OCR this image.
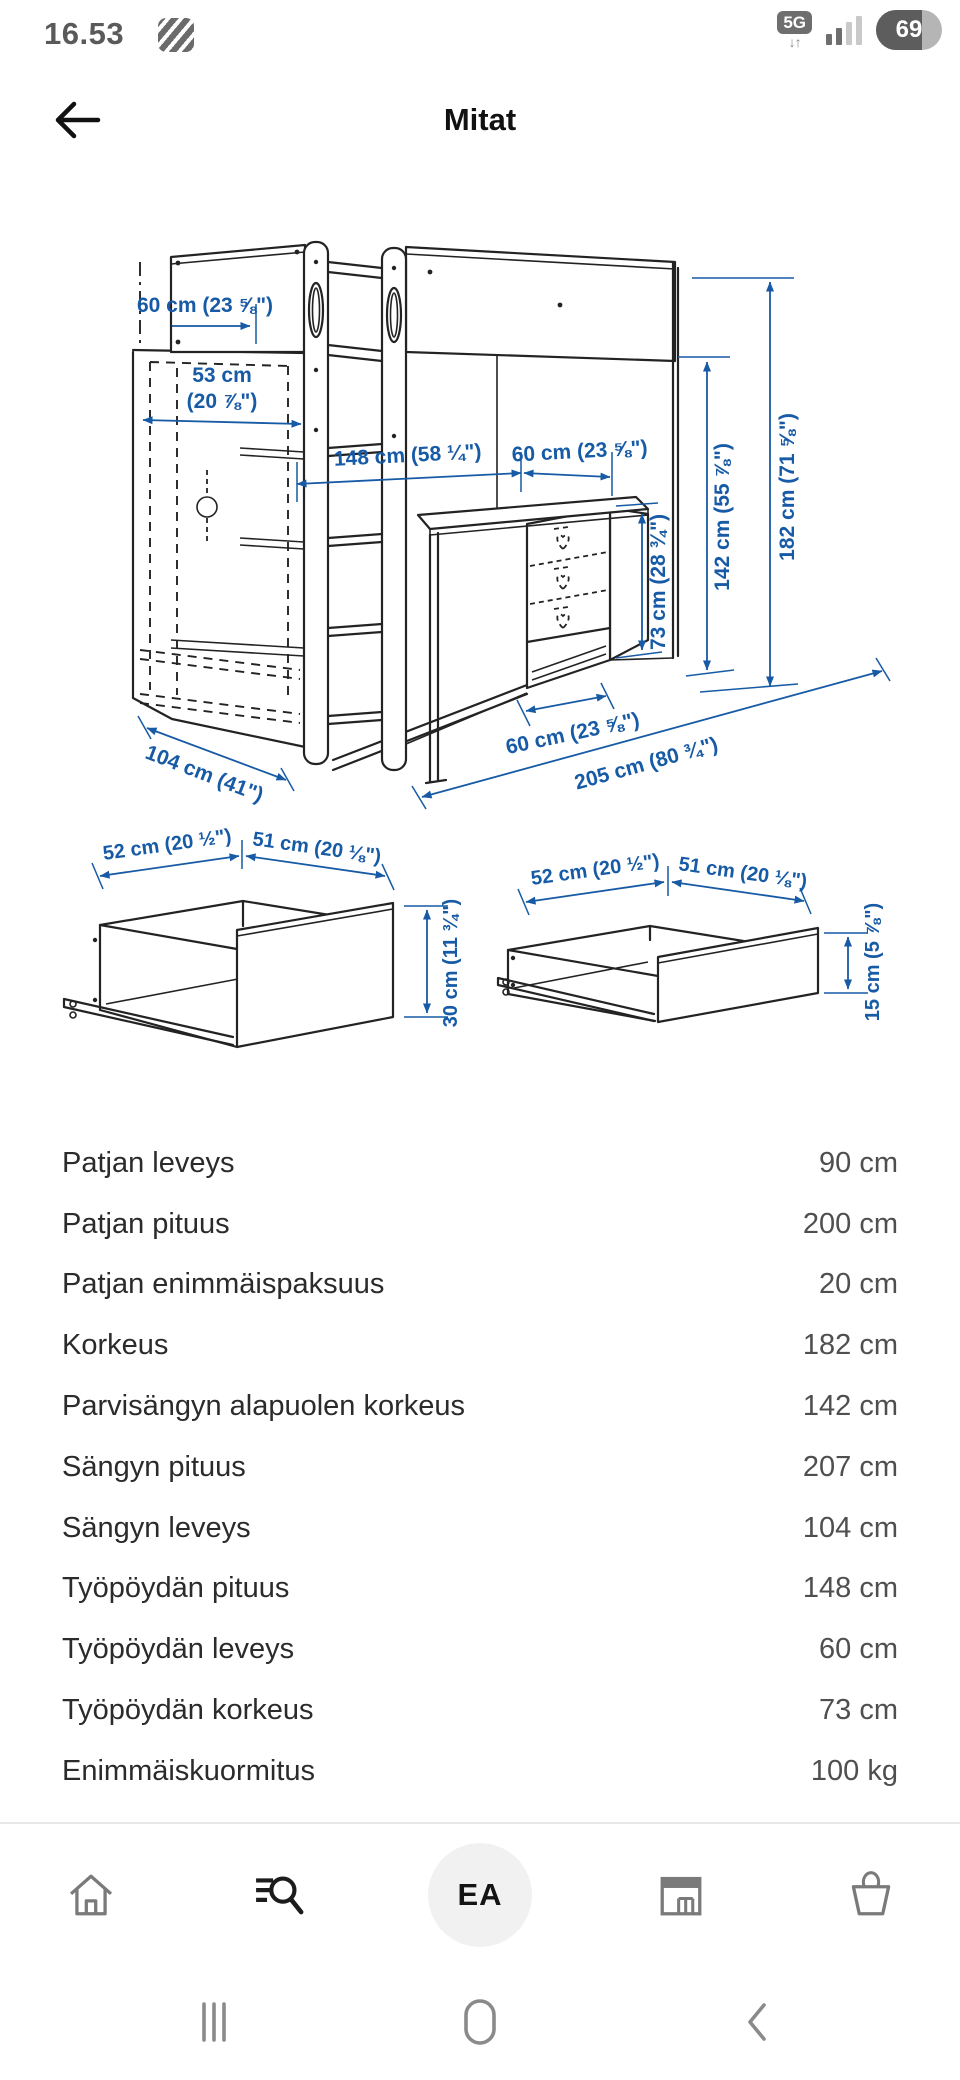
16.53	5G
↓↑	69
Mitat
60 cm (23 ⅝")
53 cm
(20 ⅞")
148 cm (58 ¼") 60 cm (23 ⅝")
73 cm (28 ¾") 142 cm (55 ⅞") 182 cm (71 ⅝")
104 cm (41")
60 cm (23 ⅝")
205 cm (80 ¾")
52 cm (20 ½") 51 cm (20 ⅛")
30 cm (11 ¾")
52 cm (20 ½") 51 cm (20 ⅛")
15 cm (5 ⅞")
Patjan leveys	90 cm
Patjan pituus	200 cm
Patjan enimmäispaksuus	20 cm
Korkeus	182 cm
Parvisängyn alapuolen korkeus	142 cm
Sängyn pituus	207 cm
Sängyn leveys	104 cm
Työpöydän pituus	148 cm
Työpöydän leveys	60 cm
Työpöydän korkeus	73 cm
Enimmäiskuormitus	100 kg
EA
